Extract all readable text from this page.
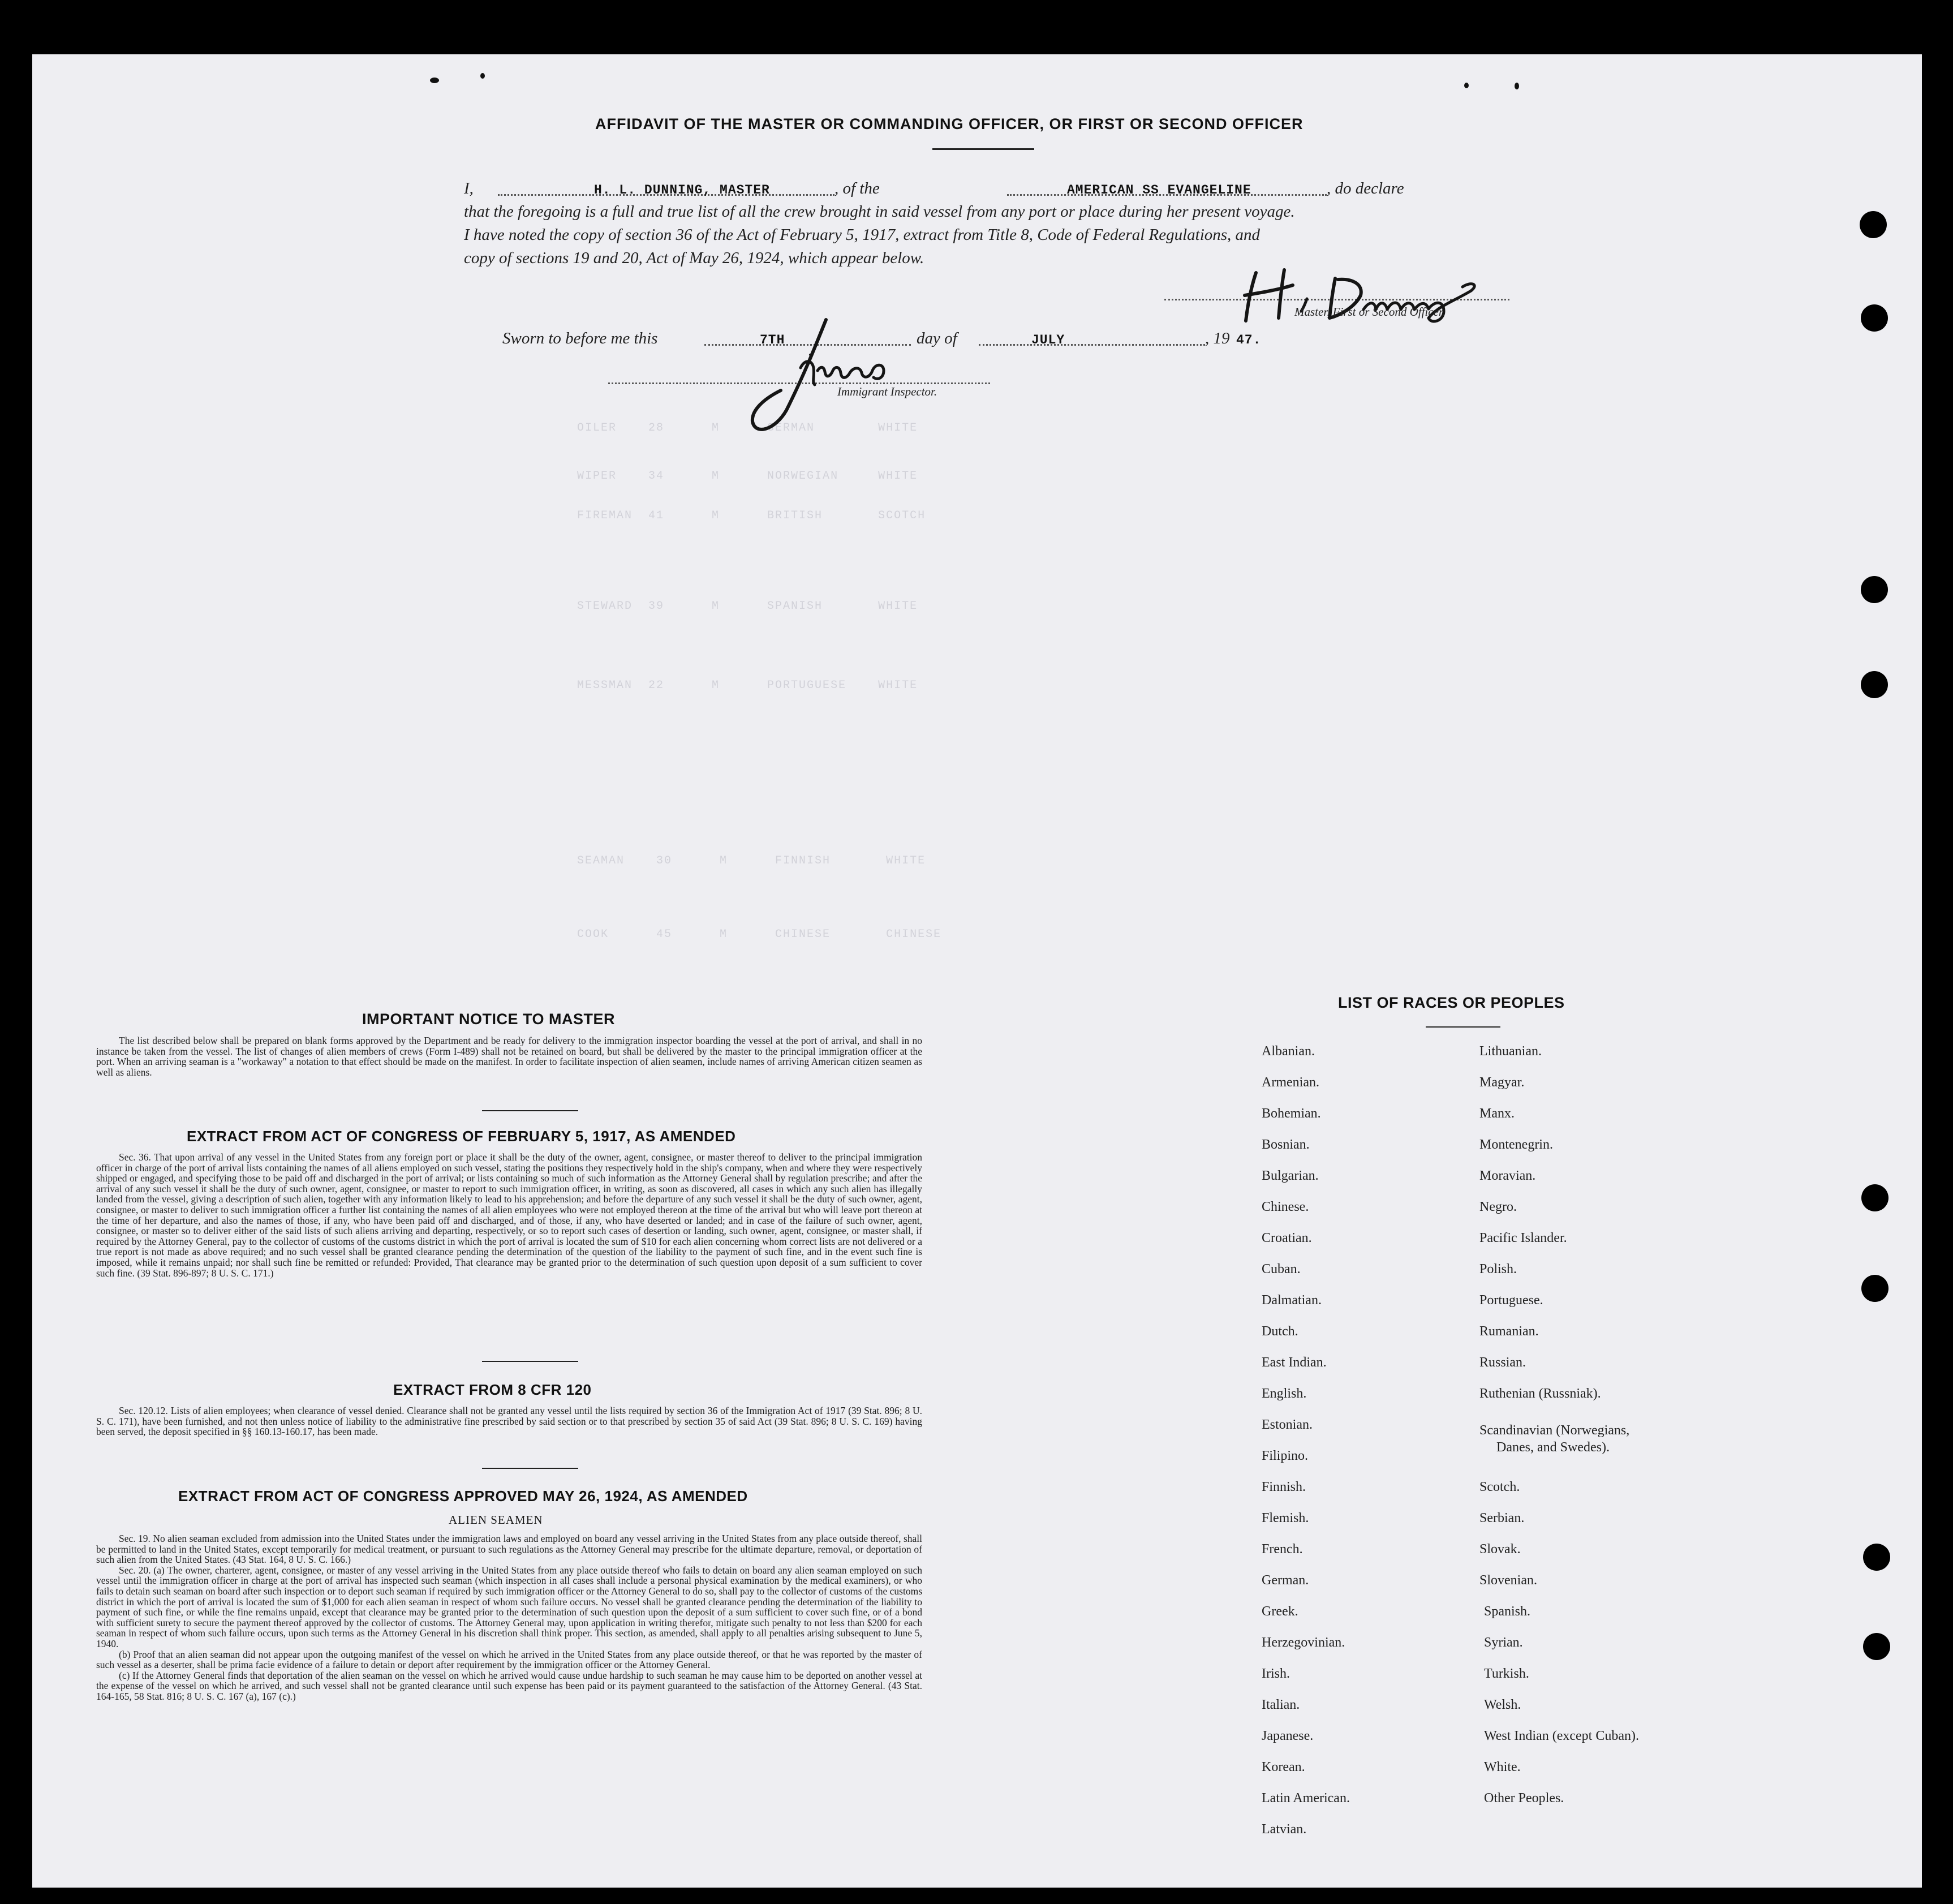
OILER    28      M      GERMAN        WHITE
WIPER    34      M      NORWEGIAN     WHITE
FIREMAN  41      M      BRITISH       SCOTCH
STEWARD  39      M      SPANISH       WHITE
MESSMAN  22      M      PORTUGUESE    WHITE
SEAMAN    30      M      FINNISH       WHITE
COOK      45      M      CHINESE       CHINESE
AFFIDAVIT OF THE MASTER OR COMMANDING OFFICER, OR FIRST OR SECOND OFFICER
I,	H. L. DUNNING, MASTER	, of the	AMERICAN SS EVANGELINE	, do declare
that the foregoing is a full and true list of all the crew brought in said vessel from any port or place during her present voyage.
I have noted the copy of section 36 of the Act of February 5, 1917, extract from Title 8, Code of Federal Regulations, and
copy of sections 19 and 20, Act of May 26, 1924, which appear below.
Master, First or Second Officer.
Sworn to before me this	7TH	day of	JULY	, 19 47.
Immigrant Inspector.
IMPORTANT NOTICE TO MASTER

The list described below shall be prepared on blank forms approved by the Department and be ready for delivery to the immigration inspector boarding the vessel at the port of arrival, and shall in no instance be taken from the vessel. The list of changes of alien members of crews (Form I-489) shall not be retained on board, but shall be delivered by the master to the principal immigration officer at the port. When an arriving seaman is a "workaway" a notation to that effect should be made on the manifest. In order to facilitate inspection of alien seamen, include names of arriving American citizen seamen as well as aliens.

EXTRACT FROM ACT OF CONGRESS OF FEBRUARY 5, 1917, AS AMENDED

Sec. 36. That upon arrival of any vessel in the United States from any foreign port or place it shall be the duty of the owner, agent, consignee, or master thereof to deliver to the principal immigration officer in charge of the port of arrival lists containing the names of all aliens employed on such vessel, stating the positions they respectively hold in the ship's company, when and where they were respectively shipped or engaged, and specifying those to be paid off and discharged in the port of arrival; or lists containing so much of such information as the Attorney General shall by regulation prescribe; and after the arrival of any such vessel it shall be the duty of such owner, agent, consignee, or master to report to such immigration officer, in writing, as soon as discovered, all cases in which any such alien has illegally landed from the vessel, giving a description of such alien, together with any information likely to lead to his apprehension; and before the departure of any such vessel it shall be the duty of such owner, agent, consignee, or master to deliver to such immigration officer a further list containing the names of all alien employees who were not employed thereon at the time of the arrival but who will leave port thereon at the time of her departure, and also the names of those, if any, who have been paid off and discharged, and of those, if any, who have deserted or landed; and in case of the failure of such owner, agent, consignee, or master so to deliver either of the said lists of such aliens arriving and departing, respectively, or so to report such cases of desertion or landing, such owner, agent, consignee, or master shall, if required by the Attorney General, pay to the collector of customs of the customs district in which the port of arrival is located the sum of $10 for each alien concerning whom correct lists are not delivered or a true report is not made as above required; and no such vessel shall be granted clearance pending the determination of the question of the liability to the payment of such fine, and in the event such fine is imposed, while it remains unpaid; nor shall such fine be remitted or refunded: Provided, That clearance may be granted prior to the determination of such question upon deposit of a sum sufficient to cover such fine. (39 Stat. 896-897; 8 U. S. C. 171.)

EXTRACT FROM 8 CFR 120

Sec. 120.12. Lists of alien employees; when clearance of vessel denied. Clearance shall not be granted any vessel until the lists required by section 36 of the Immigration Act of 1917 (39 Stat. 896; 8 U. S. C. 171), have been furnished, and not then unless notice of liability to the administrative fine prescribed by said section or to that prescribed by section 35 of said Act (39 Stat. 896; 8 U. S. C. 169) having been served, the deposit specified in §§ 160.13-160.17, has been made.

EXTRACT FROM ACT OF CONGRESS APPROVED MAY 26, 1924, AS AMENDED
ALIEN SEAMEN

Sec. 19. No alien seaman excluded from admission into the United States under the immigration laws and employed on board any vessel arriving in the United States from any place outside thereof, shall be permitted to land in the United States, except temporarily for medical treatment, or pursuant to such regulations as the Attorney General may prescribe for the ultimate departure, removal, or deportation of such alien from the United States. (43 Stat. 164, 8 U. S. C. 166.)

Sec. 20. (a) The owner, charterer, agent, consignee, or master of any vessel arriving in the United States from any place outside thereof who fails to detain on board any alien seaman employed on such vessel until the immigration officer in charge at the port of arrival has inspected such seaman (which inspection in all cases shall include a personal physical examination by the medical examiners), or who fails to detain such seaman on board after such inspection or to deport such seaman if required by such immigration officer or the Attorney General to do so, shall pay to the collector of customs of the customs district in which the port of arrival is located the sum of $1,000 for each alien seaman in respect of whom such failure occurs. No vessel shall be granted clearance pending the determination of the liability to payment of such fine, or while the fine remains unpaid, except that clearance may be granted prior to the determination of such question upon the deposit of a sum sufficient to cover such fine, or of a bond with sufficient surety to secure the payment thereof approved by the collector of customs. The Attorney General may, upon application in writing therefor, mitigate such penalty to not less than $200 for each seaman in respect of whom such failure occurs, upon such terms as the Attorney General in his discretion shall think proper. This section, as amended, shall apply to all penalties arising subsequent to June 5, 1940.

(b) Proof that an alien seaman did not appear upon the outgoing manifest of the vessel on which he arrived in the United States from any place outside thereof, or that he was reported by the master of such vessel as a deserter, shall be prima facie evidence of a failure to detain or deport after requirement by the immigration officer or the Attorney General.

(c) If the Attorney General finds that deportation of the alien seaman on the vessel on which he arrived would cause undue hardship to such seaman he may cause him to be deported on another vessel at the expense of the vessel on which he arrived, and such vessel shall not be granted clearance until such expense has been paid or its payment guaranteed to the satisfaction of the Attorney General. (43 Stat. 164-165, 58 Stat. 816; 8 U. S. C. 167 (a), 167 (c).)

LIST OF RACES OR PEOPLES
Albanian.
Armenian.
Bohemian.
Bosnian.
Bulgarian.
Chinese.
Croatian.
Cuban.
Dalmatian.
Dutch.
East Indian.
English.
Estonian.
Filipino.
Finnish.
Flemish.
French.
German.
Greek.
Herzegovinian.
Irish.
Italian.
Japanese.
Korean.
Latin American.
Latvian.
Lithuanian.
Magyar.
Manx.
Montenegrin.
Moravian.
Negro.
Pacific Islander.
Polish.
Portuguese.
Rumanian.
Russian.
Ruthenian (Russniak).
Scandinavian (Norwegians,
Danes, and Swedes).
Scotch.
Serbian.
Slovak.
Slovenian.
Spanish.
Syrian.
Turkish.
Welsh.
West Indian (except Cuban).
White.
Other Peoples.
